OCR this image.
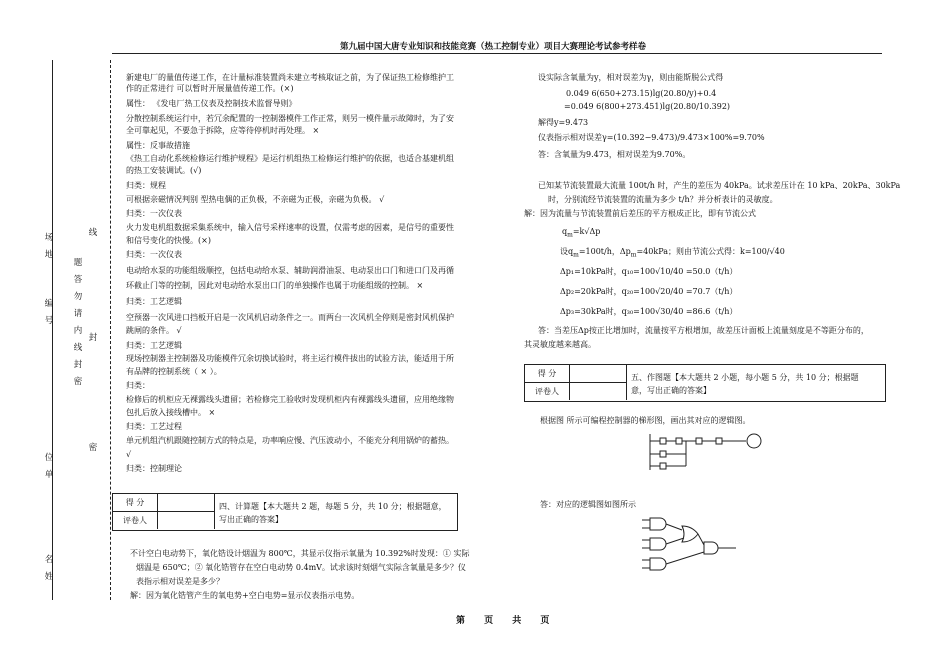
第九届中国大唐专业知识和技能竞赛（热工控制专业）项目大赛理论考试参考样卷
场
地
编
号
位
单
名
姓
线
题
答
勿
请
内
线
封
密
封
密
新建电厂的量值传递工作，在计量标准装置尚未建立考核取证之前，为了保证热工检修维护工
作的正常进行 可以暂时开展量值传递工作。(×)
属性： 《发电厂热工仪表及控制技术监督导则》
分散控制系统运行中，若冗余配置的一控制器模件工作正常，则另一模件量示故障时，为了安
全可靠起见，不要急于拆除，应等待停机时再处理。 ×
属性：反事故措施
《热工自动化系统检修运行维护规程》是运行机组热工检修运行维护的依据，也适合基建机组
的热工安装调试。(√)
归类：规程
可根据亲磁情况判别 型热电偶的正负极，不亲磁为正极，亲磁为负极。 √
归类：一次仪表
火力发电机组数据采集系统中，输入信号采样速率的设置，仅需考虑的因素，是信号的重要性
和信号变化的快慢。(×)
归类：一次仪表
电动给水泵的功能组级顺控，包括电动给水泵、辅助润滑油泵、电动泵出口门和进口门及再循
环截止门等的控制，因此对电动给水泵出口门的单独操作也属于功能组级的控制。 ×
归类：工艺逻辑
空预器一次风进口挡板开启是一次风机启动条件之一。而两台一次风机全停则是密封风机保护
跳闸的条件。 √
归类：工艺逻辑
现场控制器主控制器及功能模件冗余切换试验时，将主运行模件拔出的试验方法，能适用于所
有品牌的控制系统（ × ）。
归类：
检修后的机柜应无裸露线头遗留；若检修完工验收时发现机柜内有裸露线头遗留，应用绝缘物
包扎后放入接线槽中。 ×
归类：工艺过程
单元机组汽机跟随控制方式的特点是，功率响应慢、汽压波动小，不能充分利用锅炉的蓄热。
√
归类：控制理论
得 分
评卷人
四、计算题【本大题共 2 题，每题 5 分，共 10 分；根据题意，
写出正确的答案】
不计空白电动势下，氧化锆设计烟温为 800℃，其显示仪指示氧量为 10.392%时发现：① 实际
烟温是 650℃；② 氧化锆管存在空白电动势 0.4mV。试求该时刻烟气实际含氧量是多少？仪
表指示相对误差是多少？
解：因为氧化锆管产生的氧电势+空白电势=显示仪表指示电势。
设实际含氧量为y，相对误差为γ，则由能斯脱公式得
0.049 6(650+273.15)lg(20.80/y)+0.4
=0.049 6(800+273.451)lg(20.80/10.392)
解得y=9.473
仪表指示相对误差γ=(10.392−9.473)/9.473×100%=9.70%
答：含氧量为9.473，相对误差为9.70%。
已知某节流装置最大流量 100t/h 时，产生的差压为 40kPa。试求差压计在 10 kPa、20kPa、30kPa
时，分别流经节流装置的流量为多少 t/h？并分析表计的灵敏度。
解：因为流量与节流装置前后差压的平方根成正比，即有节流公式
$q_m=k√\Delta p$
设$q_m=100t/h$，$\Delta p_m=40kPa$；则由节流公式得：k=100/√40
Δp₁=10kPa时，q₁₀=100√10/40 =50.0（t/h）
Δp₂=20kPa时，q₂₀=100√20/40 =70.7（t/h）
Δp₃=30kPa时，q₃₀=100√30/40 =86.6（t/h）
答：当差压Δp按正比增加时，流量按平方根增加，故差压计面板上流量刻度是不等距分布的，
其灵敏度越来越高。
得 分
评卷人
五、作图题【本大题共 2 小题，每小题 5 分，共 10 分；根据题
意，写出正确的答案】
根据图 所示可编程控制器的梯形图，画出其对应的逻辑图。
答：对应的逻辑图如图所示
第 页 共 页
